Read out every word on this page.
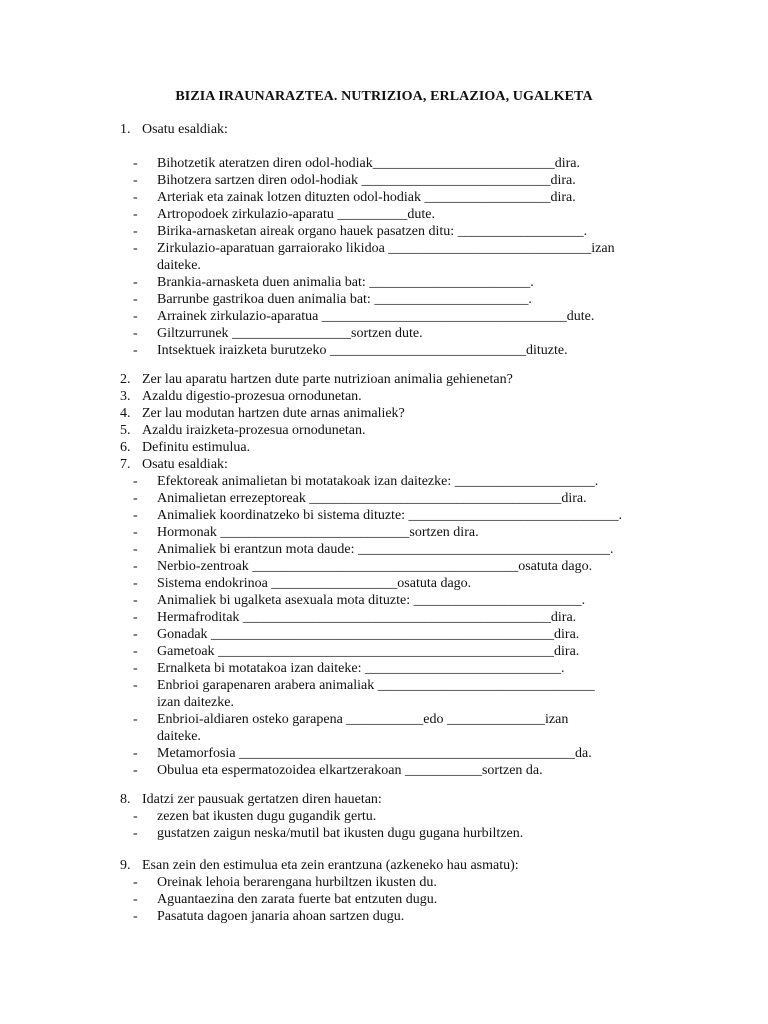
BIZIA IRAUNARAZTEA. NUTRIZIOA, ERLAZIOA, UGALKETA
1. Osatu esaldiak:
- Bihotzetik ateratzen diren odol-hodiak__________________________dira.
- Bihotzera sartzen diren odol-hodiak ___________________________dira.
- Arteriak eta zainak lotzen dituzten odol-hodiak __________________dira.
- Artropodoek zirkulazio-aparatu __________dute.
- Birika-arnasketan aireak organo hauek pasatzen ditu: __________________.
- Zirkulazio-aparatuan garraiorako likidoa _____________________________izan
daiteke.
- Brankia-arnasketa duen animalia bat: _______________________.
- Barrunbe gastrikoa duen animalia bat: ______________________.
- Arrainek zirkulazio-aparatua ___________________________________dute.
- Giltzurrunek _________________sortzen dute.
- Intsektuek iraizketa burutzeko ____________________________dituzte.
2. Zer lau aparatu hartzen dute parte nutrizioan animalia gehienetan?
3. Azaldu digestio-prozesua ornodunetan.
4. Zer lau modutan hartzen dute arnas animaliek?
5. Azaldu iraizketa-prozesua ornodunetan.
6. Definitu estimulua.
7. Osatu esaldiak:
- Efektoreak animalietan bi motatakoak izan daitezke: ____________________.
- Animalietan errezeptoreak ____________________________________dira.
- Animaliek koordinatzeko bi sistema dituzte: ______________________________.
- Hormonak ___________________________sortzen dira.
- Animaliek bi erantzun mota daude: ____________________________________.
- Nerbio-zentroak ______________________________________osatuta dago.
- Sistema endokrinoa __________________osatuta dago.
- Animaliek bi ugalketa asexuala mota dituzte: ________________________.
- Hermafroditak ____________________________________________dira.
- Gonadak _________________________________________________dira.
- Gametoak ________________________________________________dira.
- Ernalketa bi motatakoa izan daiteke: ____________________________.
- Enbrioi garapenaren arabera animaliak _______________________________
izan daitezke.
- Enbrioi-aldiaren osteko garapena ___________edo ______________izan
daiteke.
- Metamorfosia ________________________________________________da.
- Obulua eta espermatozoidea elkartzerakoan ___________sortzen da.
8. Idatzi zer pausuak gertatzen diren hauetan:
- zezen bat ikusten dugu gugandik gertu.
- gustatzen zaigun neska/mutil bat ikusten dugu gugana hurbiltzen.
9. Esan zein den estimulua eta zein erantzuna (azkeneko hau asmatu):
- Oreinak lehoia berarengana hurbiltzen ikusten du.
- Aguantaezina den zarata fuerte bat entzuten dugu.
- Pasatuta dagoen janaria ahoan sartzen dugu.
